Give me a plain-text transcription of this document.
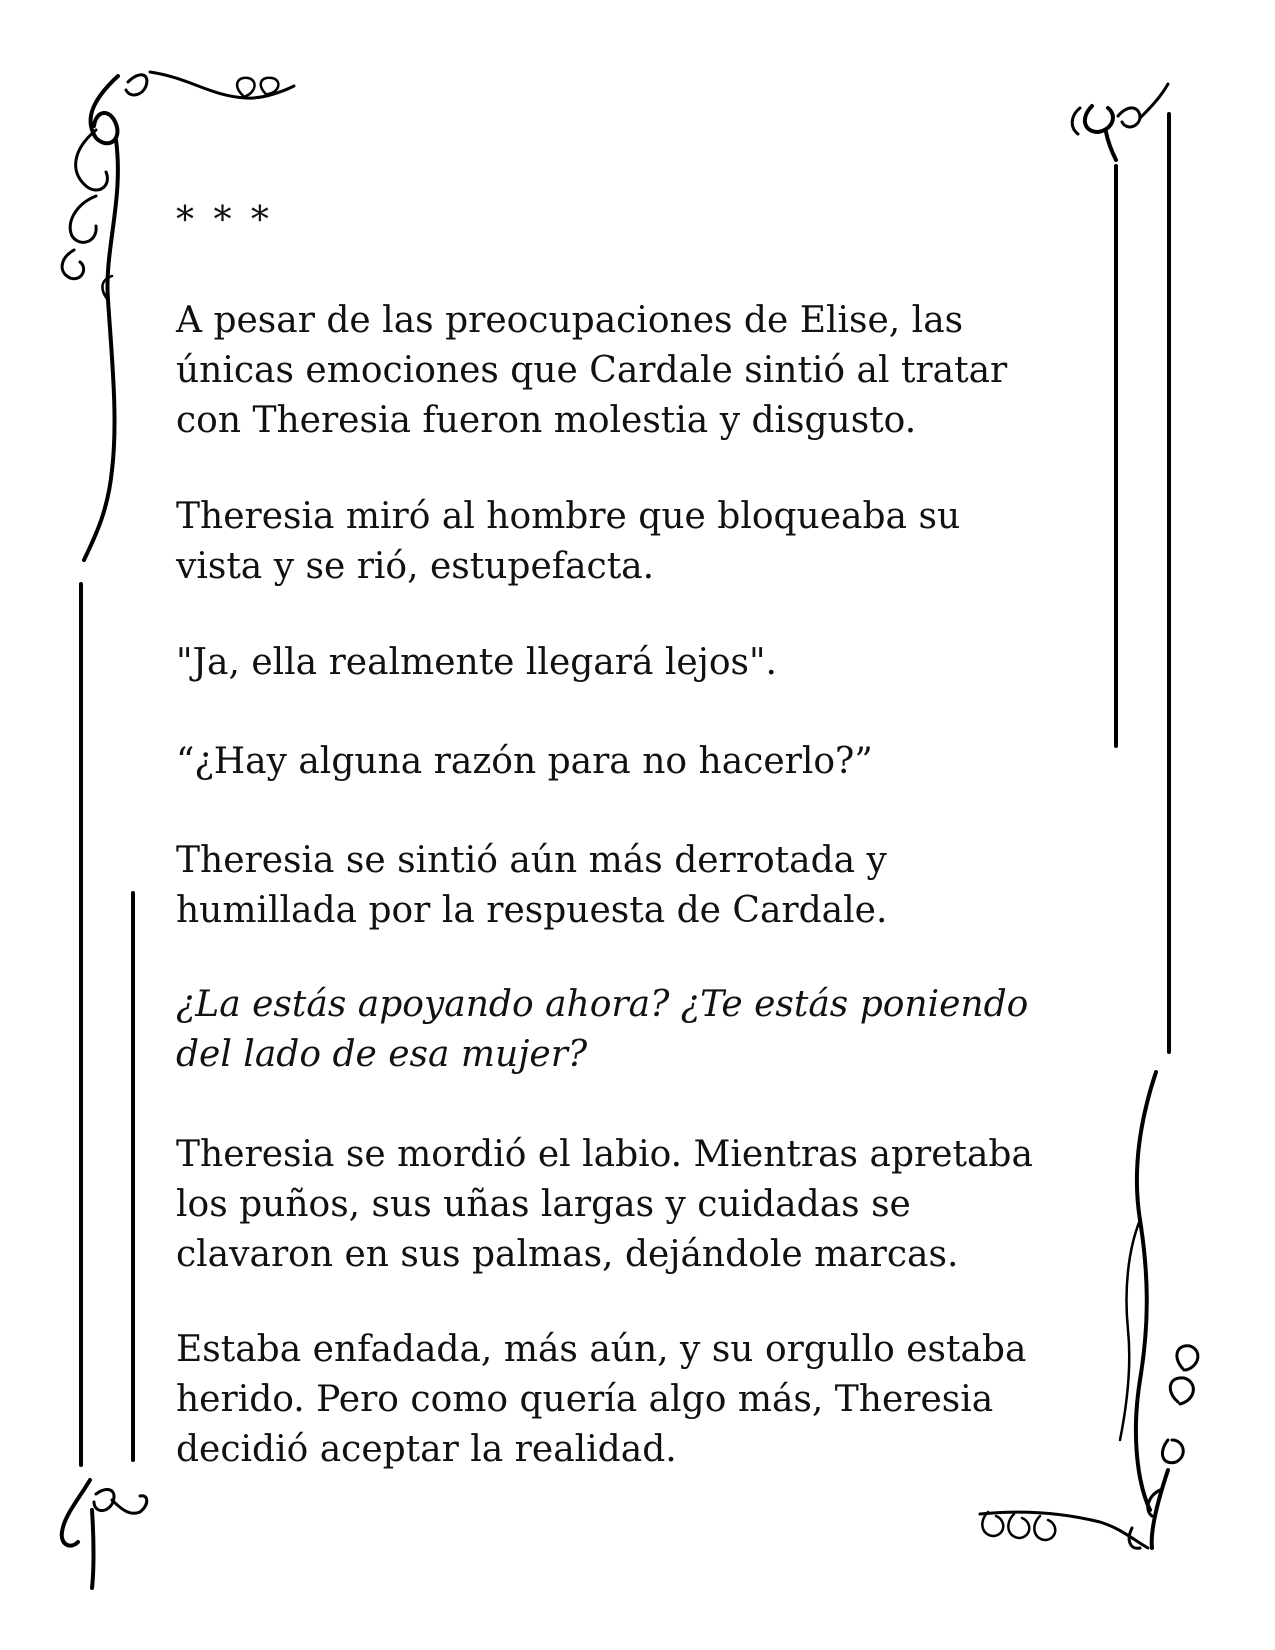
* * *

A pesar de las preocupaciones de Elise, las
únicas emociones que Cardale sintió al tratar
con Theresia fueron molestia y disgusto.

Theresia miró al hombre que bloqueaba su
vista y se rió, estupefacta.

"Ja, ella realmente llegará lejos".

“¿Hay alguna razón para no hacerlo?”

Theresia se sintió aún más derrotada y
humillada por la respuesta de Cardale.

¿La estás apoyando ahora? ¿Te estás poniendo
del lado de esa mujer?

Theresia se mordió el labio. Mientras apretaba
los puños, sus uñas largas y cuidadas se
clavaron en sus palmas, dejándole marcas.

Estaba enfadada, más aún, y su orgullo estaba
herido. Pero como quería algo más, Theresia
decidió aceptar la realidad.
